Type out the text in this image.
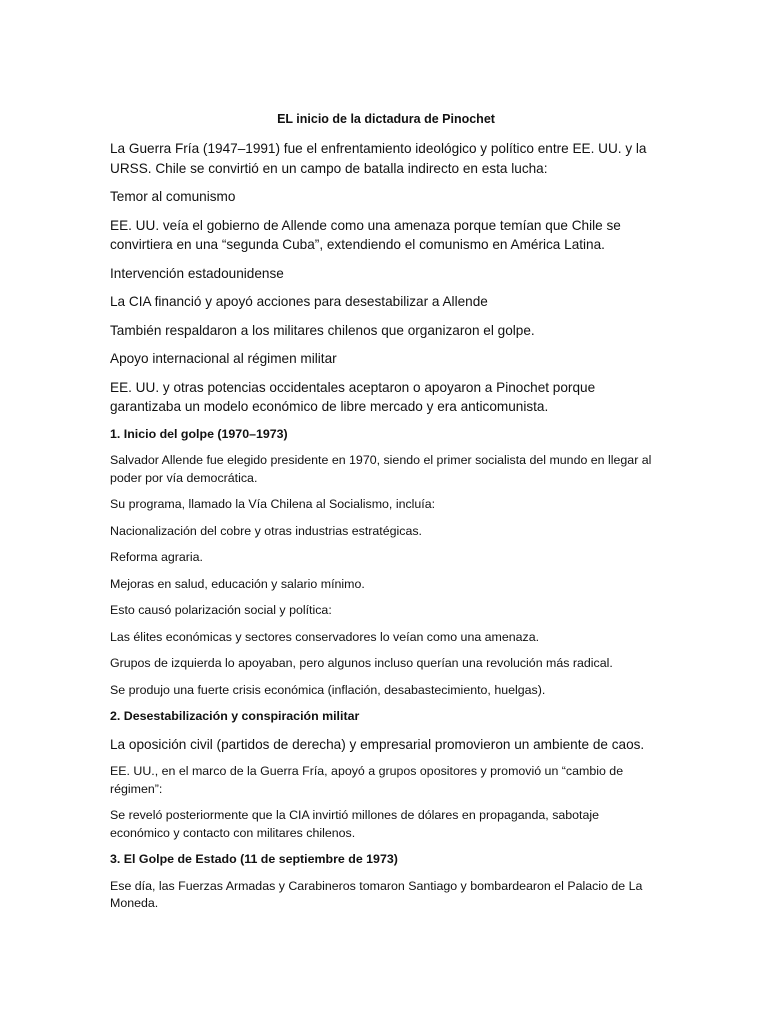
EL inicio de la dictadura de Pinochet

La Guerra Fría (1947–1991) fue el enfrentamiento ideológico y político entre EE. UU. y la URSS. Chile se convirtió en un campo de batalla indirecto en esta lucha:

Temor al comunismo

EE. UU. veía el gobierno de Allende como una amenaza porque temían que Chile se convirtiera en una “segunda Cuba”, extendiendo el comunismo en América Latina.

Intervención estadounidense

La CIA financió y apoyó acciones para desestabilizar a Allende

También respaldaron a los militares chilenos que organizaron el golpe.

Apoyo internacional al régimen militar

EE. UU. y otras potencias occidentales aceptaron o apoyaron a Pinochet porque garantizaba un modelo económico de libre mercado y era anticomunista.

1. Inicio del golpe (1970–1973)

Salvador Allende fue elegido presidente en 1970, siendo el primer socialista del mundo en llegar al poder por vía democrática.

Su programa, llamado la Vía Chilena al Socialismo, incluía:

Nacionalización del cobre y otras industrias estratégicas.

Reforma agraria.

Mejoras en salud, educación y salario mínimo.

Esto causó polarización social y política:

Las élites económicas y sectores conservadores lo veían como una amenaza.

Grupos de izquierda lo apoyaban, pero algunos incluso querían una revolución más radical.

Se produjo una fuerte crisis económica (inflación, desabastecimiento, huelgas).

2. Desestabilización y conspiración militar

La oposición civil (partidos de derecha) y empresarial promovieron un ambiente de caos.

EE. UU., en el marco de la Guerra Fría, apoyó a grupos opositores y promovió un “cambio de régimen”:

Se reveló posteriormente que la CIA invirtió millones de dólares en propaganda, sabotaje económico y contacto con militares chilenos.

3. El Golpe de Estado (11 de septiembre de 1973)

Ese día, las Fuerzas Armadas y Carabineros tomaron Santiago y bombardearon el Palacio de La Moneda.
